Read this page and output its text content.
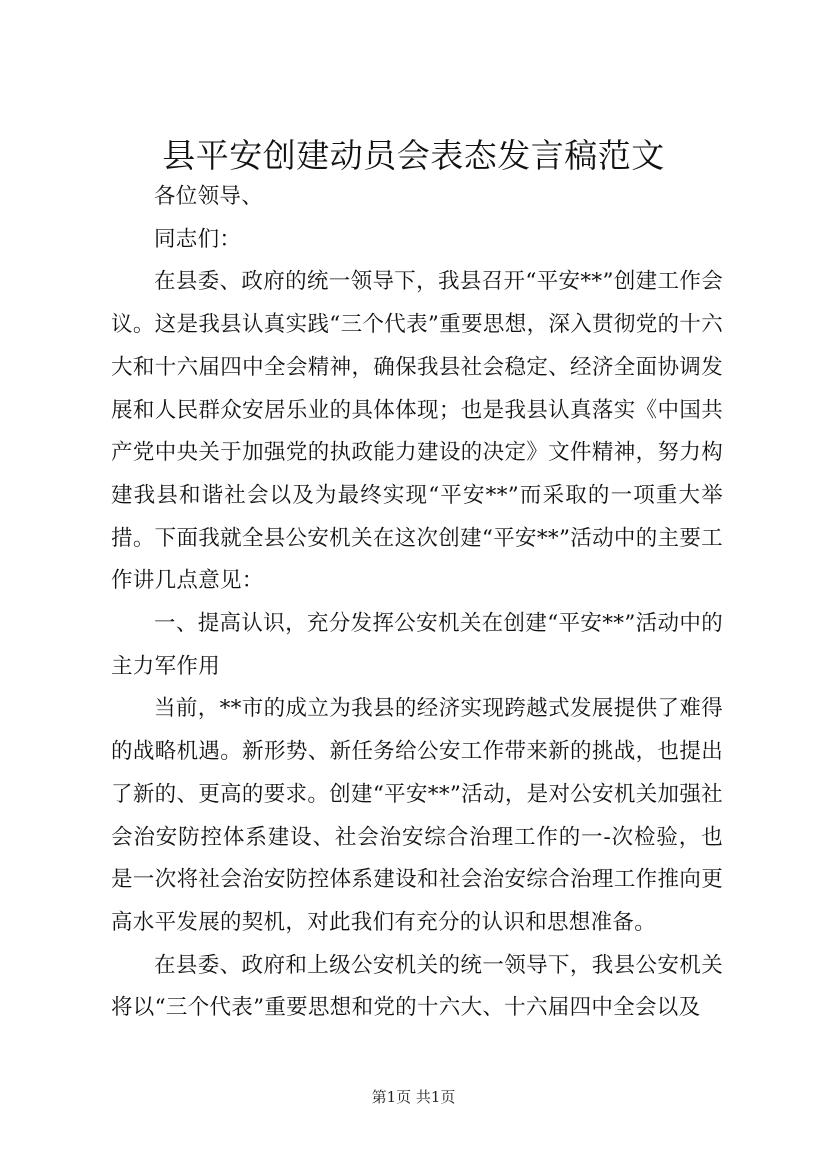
县平安创建动员会表态发言稿范文

各位领导、

同志们：

在县委、政府的统一领导下，我县召开“平安**”创建工作会议。这是我县认真实践“三个代表”重要思想，深入贯彻党的十六大和十六届四中全会精神，确保我县社会稳定、经济全面协调发展和人民群众安居乐业的具体体现；也是我县认真落实《中国共产党中央关于加强党的执政能力建设的决定》文件精神，努力构建我县和谐社会以及为最终实现“平安**”而采取的一项重大举措。下面我就全县公安机关在这次创建“平安**”活动中的主要工作讲几点意见：

一、提高认识，充分发挥公安机关在创建“平安**”活动中的主力军作用

当前，**市的成立为我县的经济实现跨越式发展提供了难得的战略机遇。新形势、新任务给公安工作带来新的挑战，也提出了新的、更高的要求。创建“平安**”活动，是对公安机关加强社会治安防控体系建设、社会治安综合治理工作的一-次检验，也是一次将社会治安防控体系建设和社会治安综合治理工作推向更高水平发展的契机，对此我们有充分的认识和思想准备。

在县委、政府和上级公安机关的统一领导下，我县公安机关将以“三个代表”重要思想和党的十六大、十六届四中全会以及

第1页 共1页
